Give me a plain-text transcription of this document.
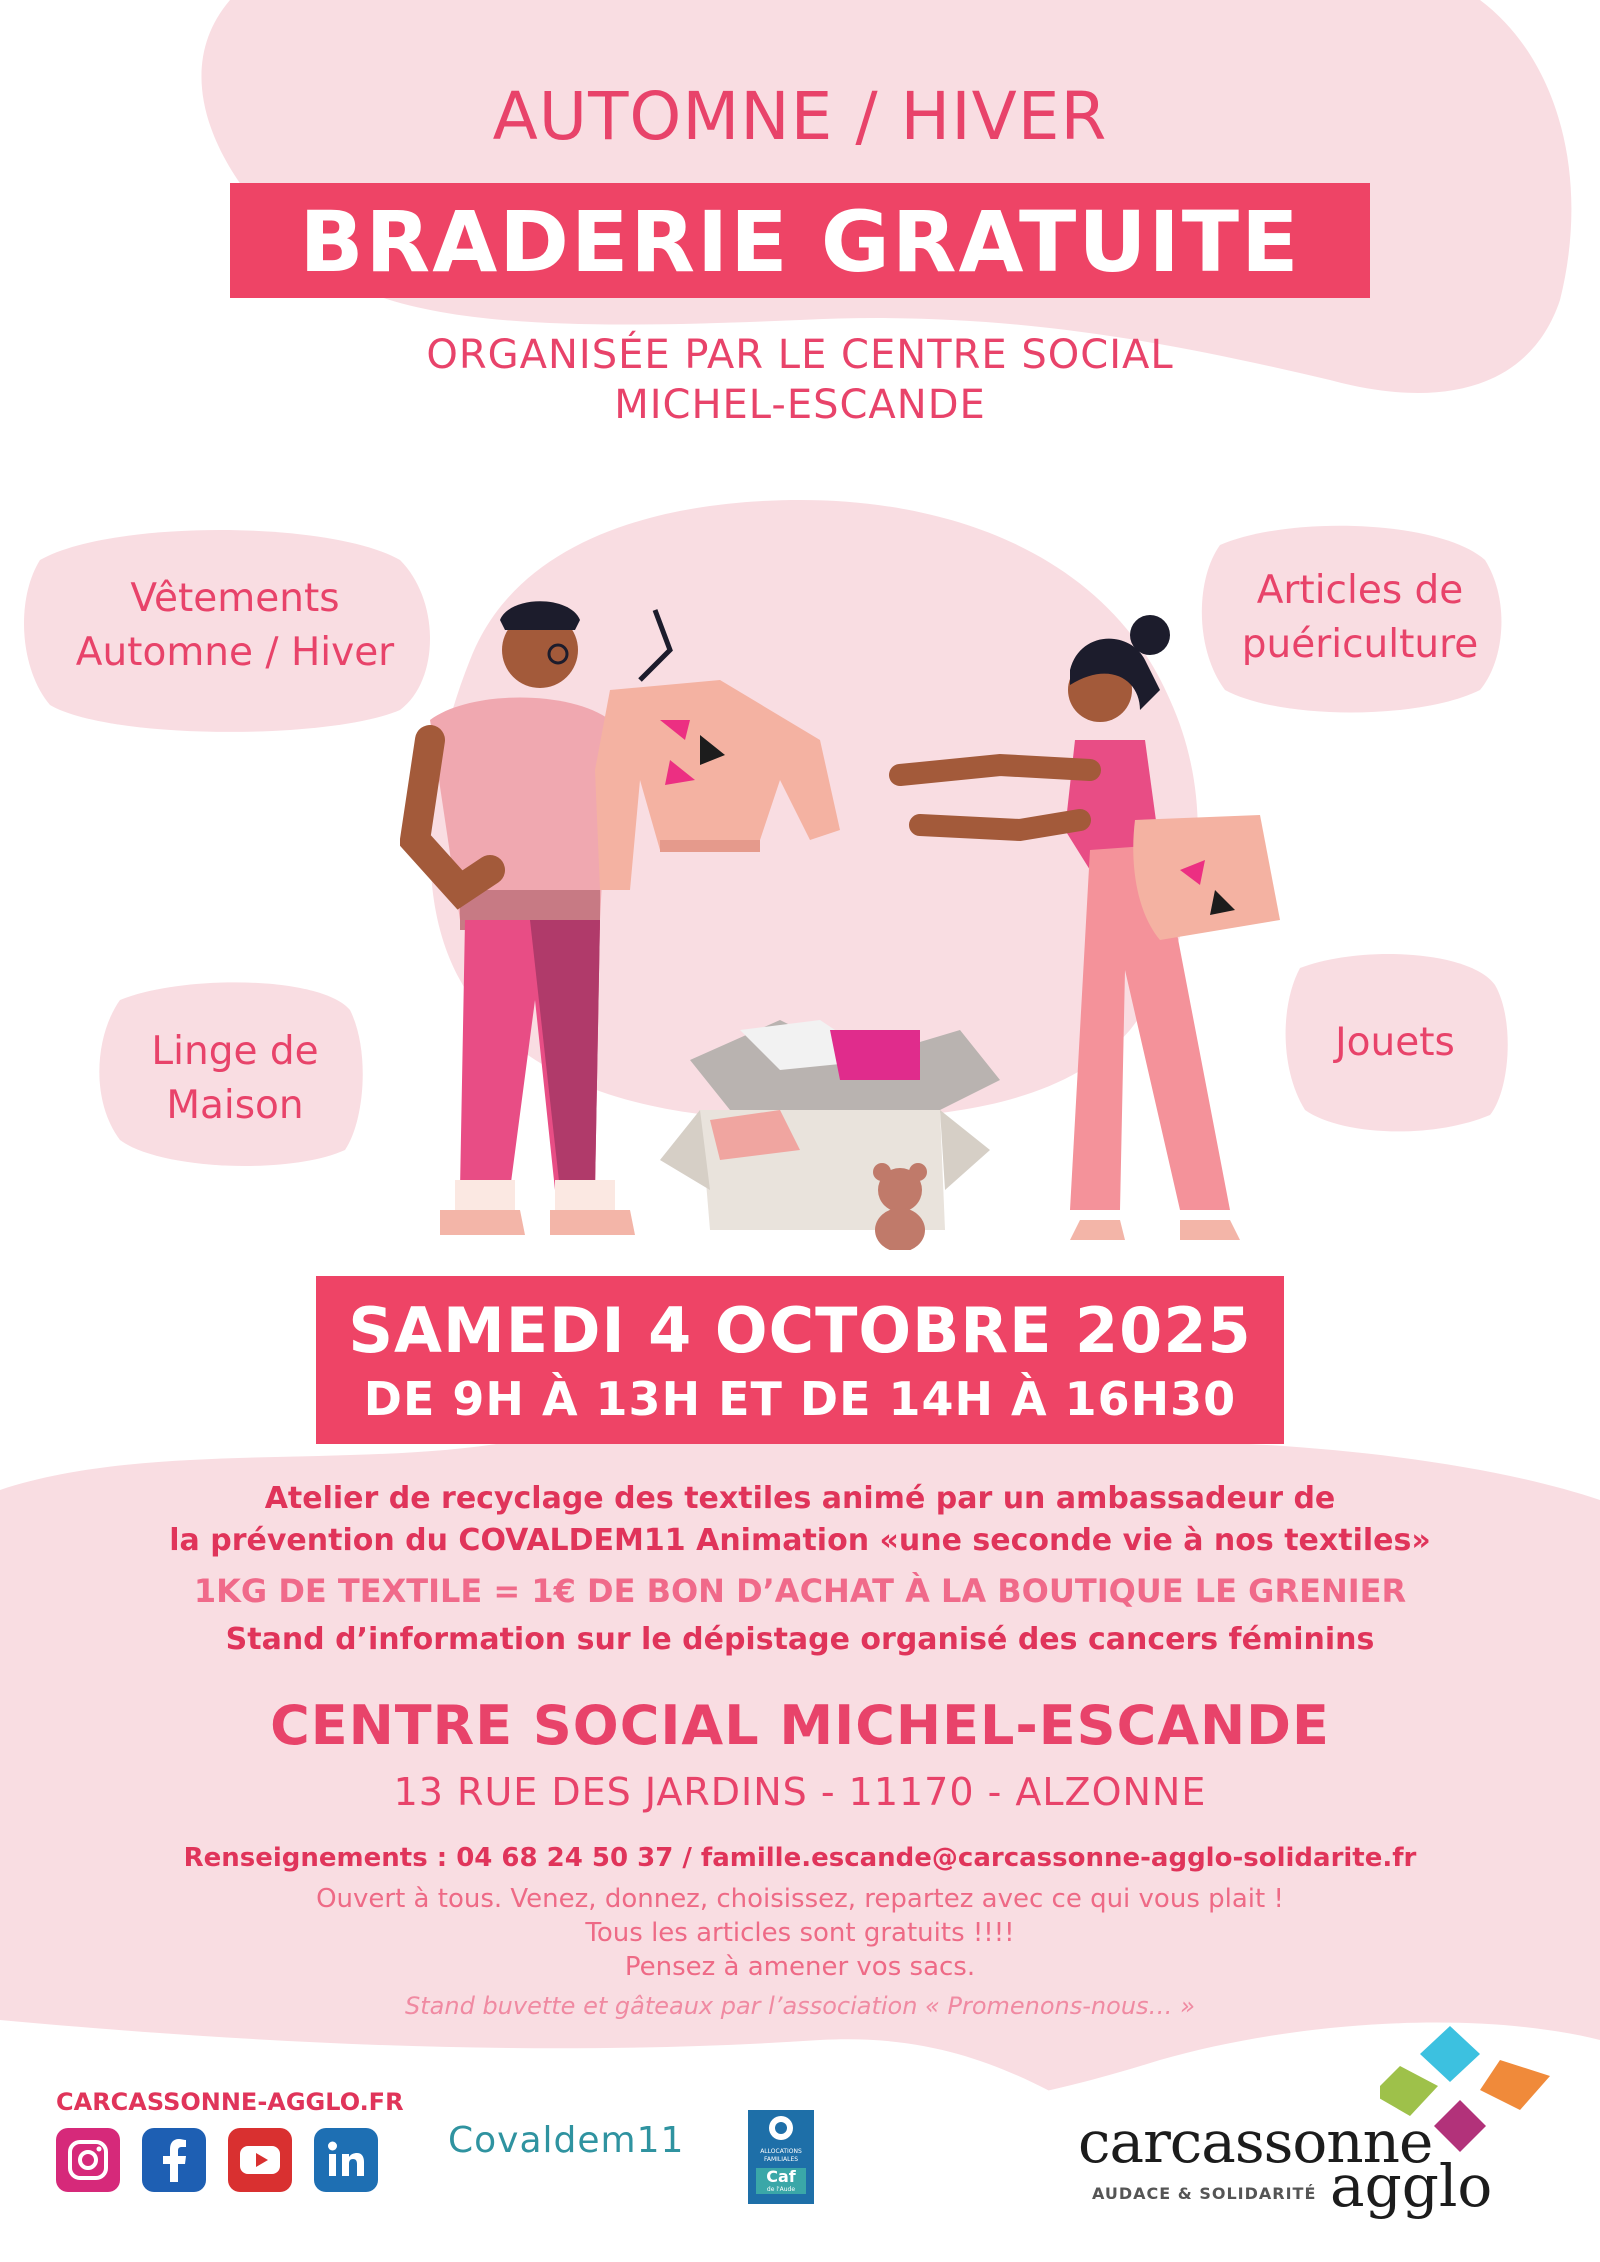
AUTOMNE / HIVER
BRADERIE GRATUITE
ORGANISÉE PAR LE CENTRE SOCIAL
MICHEL-ESCANDE
Vêtements
Automne / Hiver
Articles de
puériculture
Linge de
Maison
Jouets
SAMEDI 4 OCTOBRE 2025
DE 9H À 13H ET DE 14H À 16H30
Atelier de recyclage des textiles animé par un ambassadeur de
la prévention du COVALDEM11 Animation «une seconde vie à nos textiles»
1KG DE TEXTILE = 1€ DE BON D’ACHAT À LA BOUTIQUE LE GRENIER
Stand d’information sur le dépistage organisé des cancers féminins
CENTRE SOCIAL MICHEL-ESCANDE
13 RUE DES JARDINS - 11170 - ALZONNE
Renseignements : 04 68 24 50 37 / famille.escande@carcassonne-agglo-solidarite.fr
Ouvert à tous. Venez, donnez, choisissez, repartez avec ce qui vous plait !
Tous les articles sont gratuits !!!!
Pensez à amener vos sacs.
Stand buvette et gâteaux par l’association « Promenons-nous… »
CARCASSONNE-AGGLO.FR
Covaldem11	ALLOCATIONS
FAMILIALES
Caf
de l'Aude
carcassonne
agglo
AUDACE & SOLIDARITÉ
